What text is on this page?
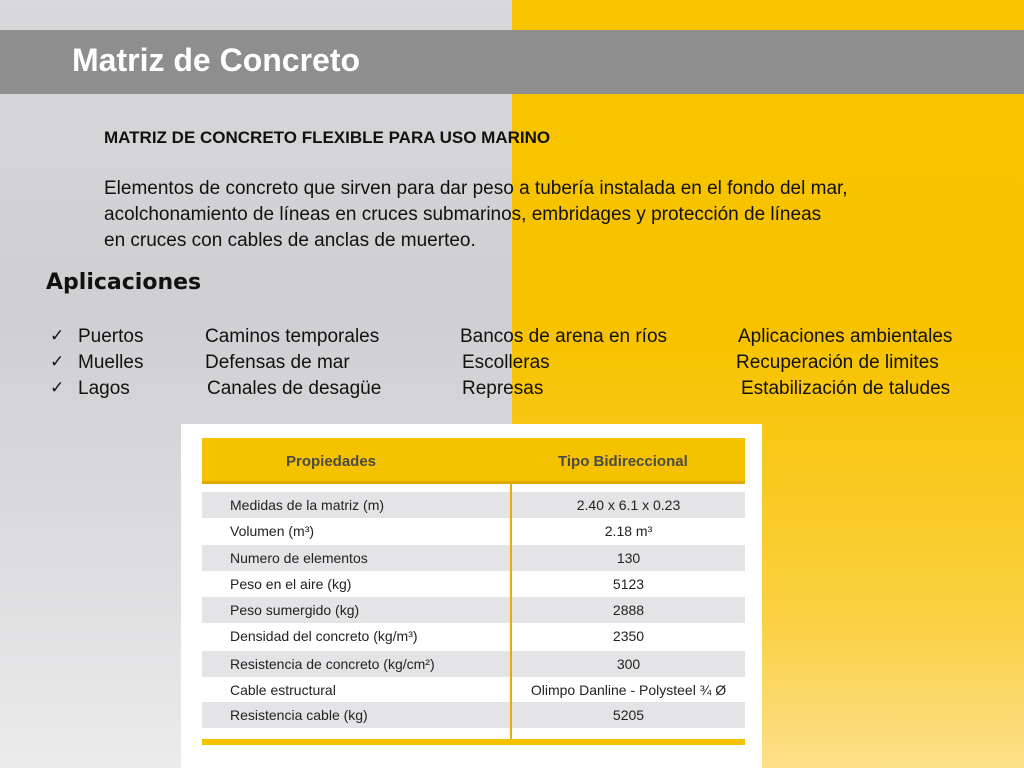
Matriz de Concreto
MATRIZ DE CONCRETO FLEXIBLE PARA USO MARINO
Elementos de concreto que sirven para dar peso a tubería instalada en el fondo del mar,
acolchonamiento de líneas en cruces submarinos, embridages y protección de líneas
en cruces con cables de anclas de muerteo.
Aplicaciones
✓ Puertos	Caminos temporales	Bancos de arena en ríos	Aplicaciones ambientales
✓ Muelles	Defensas de mar	Escolleras	Recuperación de limites
✓ Lagos	Canales de desagüe	Represas	Estabilización de taludes
Propiedades	Tipo Bidireccional
Medidas de la matriz (m)	2.40 x 6.1 x 0.23
Volumen (m³)	2.18 m³
Numero de elementos	130
Peso en el aire (kg)	5123
Peso sumergido (kg)	2888
Densidad del concreto (kg/m³)	2350
Resistencia de concreto (kg/cm²)	300
Cable estructural	Olimpo Danline - Polysteel ¾ Ø
Resistencia cable (kg)	5205
